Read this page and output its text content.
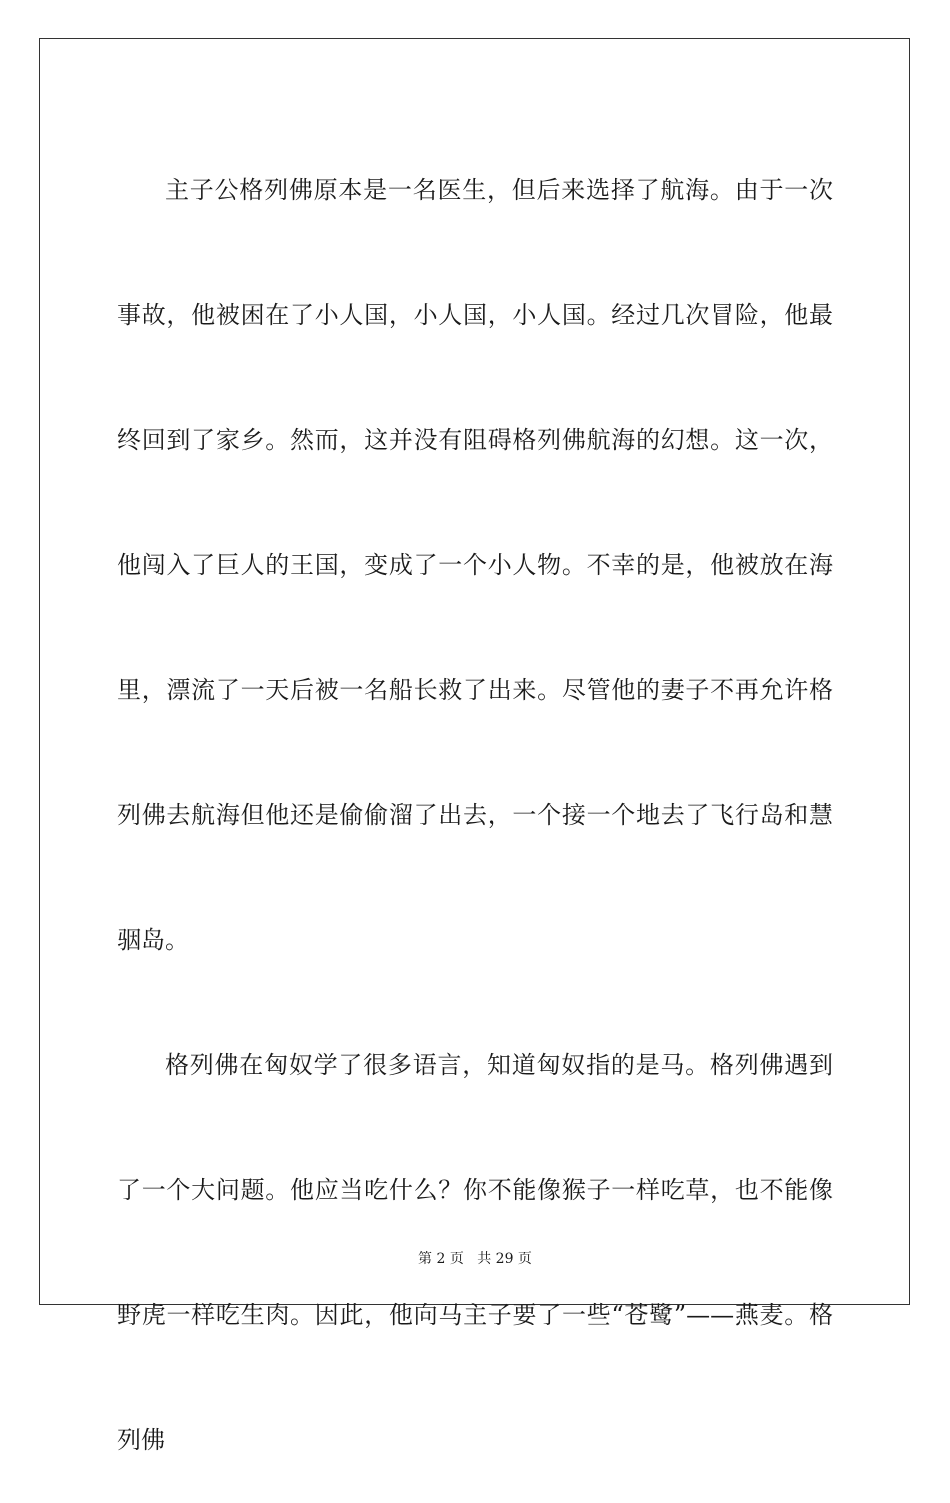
主子公格列佛原本是一名医生，但后来选择了航海。由于一次事故，他被困在了小人国，小人国，小人国。经过几次冒险，他最终回到了家乡。然而，这并没有阻碍格列佛航海的幻想。这一次，他闯入了巨人的王国，变成了一个小人物。不幸的是，他被放在海里，漂流了一天后被一名船长救了出来。尽管他的妻子不再允许格列佛去航海但他还是偷偷溜了出去，一个接一个地去了飞行岛和慧骃岛。

格列佛在匈奴学了很多语言，知道匈奴指的是马。格列佛遇到了一个大问题。他应当吃什么？你不能像猴子一样吃草，也不能像野虎一样吃生肉。因此，他向马主子要了一些“苍鹭”——燕麦。格列佛

第 2 页 共 29 页
